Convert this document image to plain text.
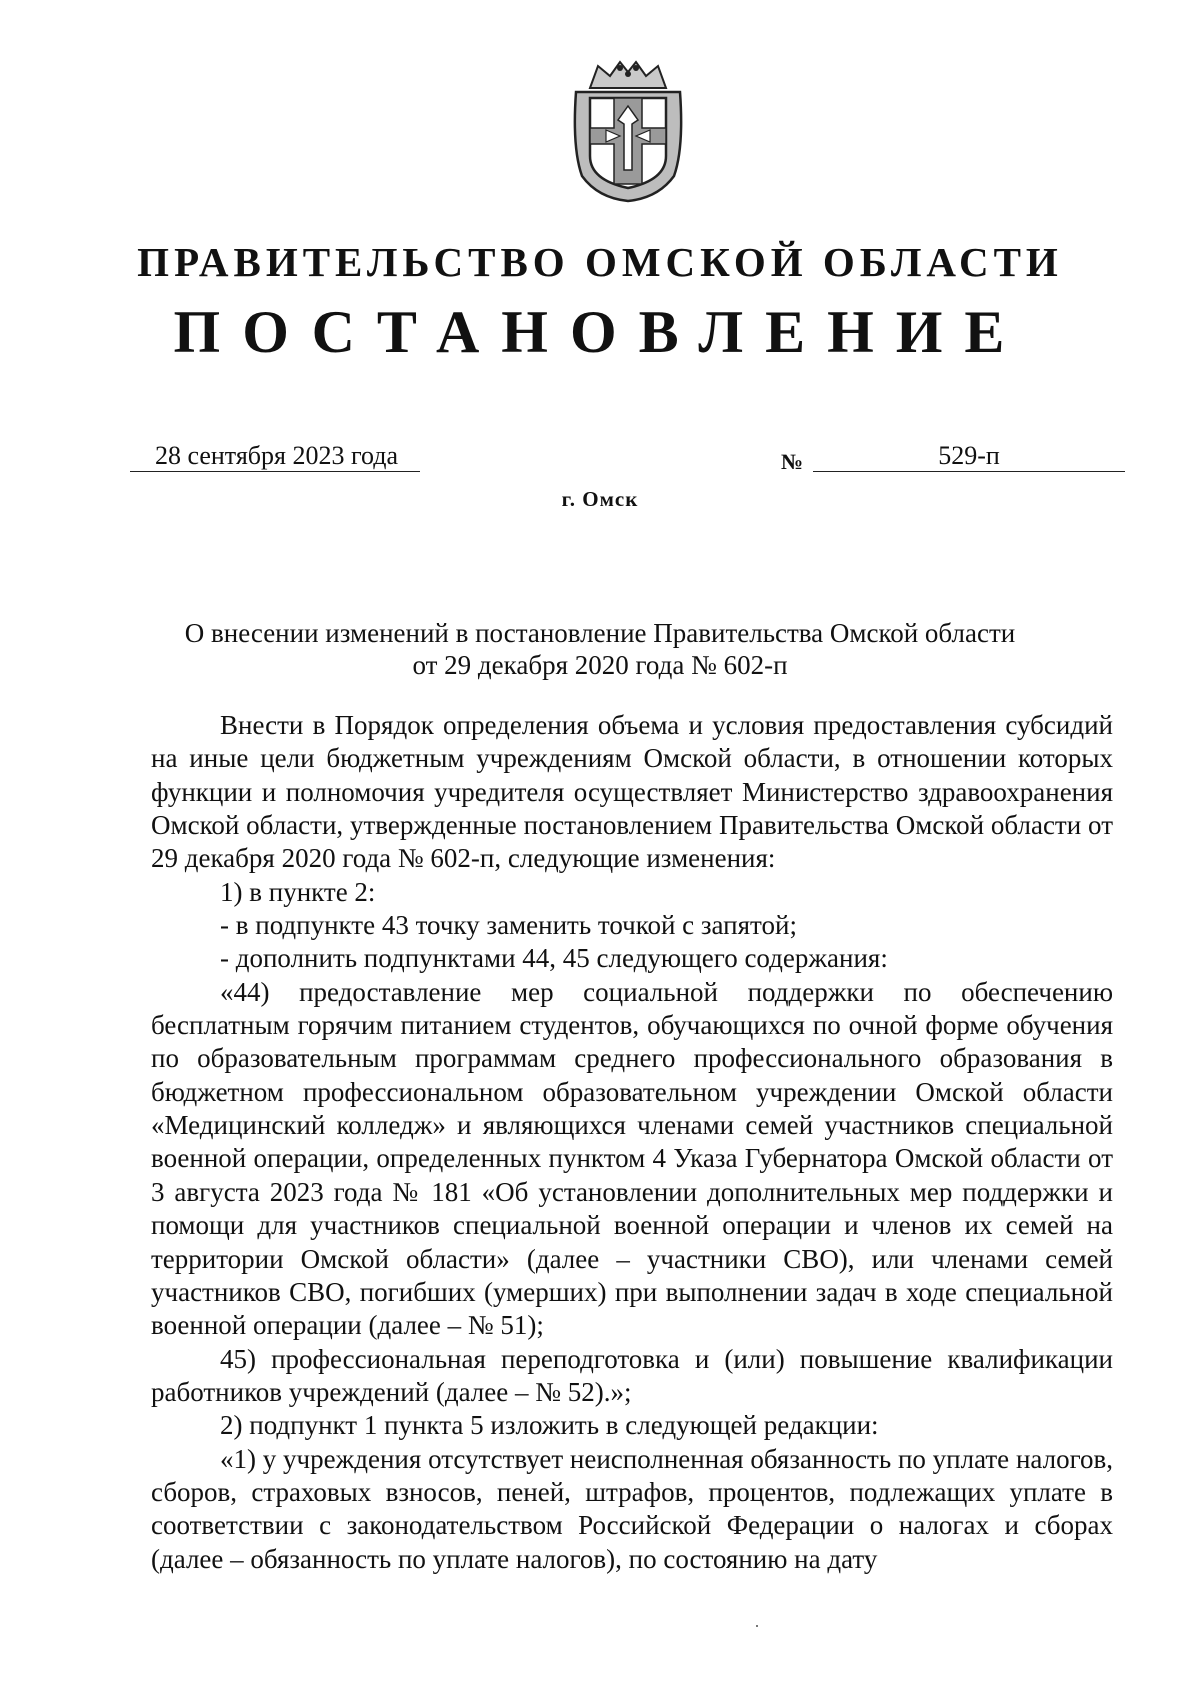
ПРАВИТЕЛЬСТВО ОМСКОЙ ОБЛАСТИ
ПОСТАНОВЛЕНИЕ
28 сентября 2023 года	№	529-п
г. Омск
О внесении изменений в постановление Правительства Омской области
от 29 декабря 2020 года № 602-п

Внести в Порядок определения объема и условия предоставления субсидий на иные цели бюджетным учреждениям Омской области, в отношении которых функции и полномочия учредителя осуществляет Министерство здравоохранения Омской области, утвержденные постановлением Правительства Омской области от 29 декабря 2020 года № 602-п, следующие изменения:

1) в пункте 2:

- в подпункте 43 точку заменить точкой с запятой;

- дополнить подпунктами 44, 45 следующего содержания:

«44) предоставление мер социальной поддержки по обеспечению бесплатным горячим питанием студентов, обучающихся по очной форме обучения по образовательным программам среднего профессионального образования в бюджетном профессиональном образовательном учреждении Омской области «Медицинский колледж» и являющихся членами семей участников специальной военной операции, определенных пунктом 4 Указа Губернатора Омской области от 3 августа 2023 года № 181 «Об установлении дополнительных мер поддержки и помощи для участников специальной военной операции и членов их семей на территории Омской области» (далее – участники СВО), или членами семей участников СВО, погибших (умерших) при выполнении задач в ходе специальной военной операции (далее – № 51);

45) профессиональная переподготовка и (или) повышение квалификации работников учреждений (далее – № 52).»;

2) подпункт 1 пункта 5 изложить в следующей редакции:

«1) у учреждения отсутствует неисполненная обязанность по уплате налогов, сборов, страховых взносов, пеней, штрафов, процентов, подлежащих уплате в соответствии с законодательством Российской Федерации о налогах и сборах (далее – обязанность по уплате налогов), по состоянию на дату
